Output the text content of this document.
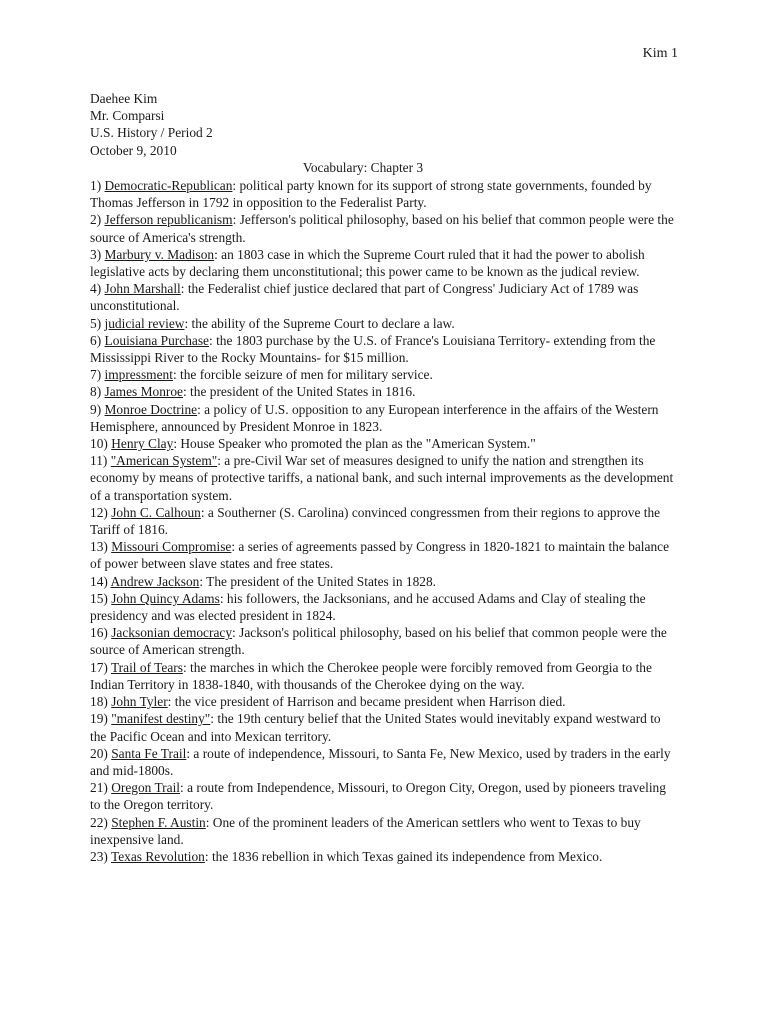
Kim 1
Daehee Kim
Mr. Comparsi
U.S. History / Period 2
October 9, 2010
Vocabulary: Chapter 3

1) Democratic-Republican: political party known for its support of strong state governments, founded by Thomas Jefferson in 1792 in opposition to the Federalist Party.

2) Jefferson republicanism: Jefferson's political philosophy, based on his belief that common people were the source of America's strength.

3) Marbury v. Madison: an 1803 case in which the Supreme Court ruled that it had the power to abolish legislative acts by declaring them unconstitutional; this power came to be known as the judical review.

4) John Marshall: the Federalist chief justice declared that part of Congress' Judiciary Act of 1789 was unconstitutional.

5) judicial review: the ability of the Supreme Court to declare a law.

6) Louisiana Purchase: the 1803 purchase by the U.S. of France's Louisiana Territory- extending from the Mississippi River to the Rocky Mountains- for $15 million.

7) impressment: the forcible seizure of men for military service.

8) James Monroe: the president of the United States in 1816.

9) Monroe Doctrine: a policy of U.S. opposition to any European interference in the affairs of the Western Hemisphere, announced by President Monroe in 1823.

10) Henry Clay: House Speaker who promoted the plan as the "American System."

11) "American System": a pre-Civil War set of measures designed to unify the nation and strengthen its economy by means of protective tariffs, a national bank, and such internal improvements as the development of a transportation system.

12) John C. Calhoun: a Southerner (S. Carolina) convinced congressmen from their regions to approve the Tariff of 1816.

13) Missouri Compromise: a series of agreements passed by Congress in 1820-1821 to maintain the balance of power between slave states and free states.

14) Andrew Jackson: The president of the United States in 1828.

15) John Quincy Adams: his followers, the Jacksonians, and he accused Adams and Clay of stealing the presidency and was elected president in 1824.

16) Jacksonian democracy: Jackson's political philosophy, based on his belief that common people were the source of American strength.

17) Trail of Tears: the marches in which the Cherokee people were forcibly removed from Georgia to the Indian Territory in 1838-1840, with thousands of the Cherokee dying on the way.

18) John Tyler: the vice president of Harrison and became president when Harrison died.

19) "manifest destiny": the 19th century belief that the United States would inevitably expand westward to the Pacific Ocean and into Mexican territory.

20) Santa Fe Trail: a route of independence, Missouri, to Santa Fe, New Mexico, used by traders in the early and mid-1800s.

21) Oregon Trail: a route from Independence, Missouri, to Oregon City, Oregon, used by pioneers traveling to the Oregon territory.

22) Stephen F. Austin: One of the prominent leaders of the American settlers who went to Texas to buy inexpensive land.

23) Texas Revolution: the 1836 rebellion in which Texas gained its independence from Mexico.
